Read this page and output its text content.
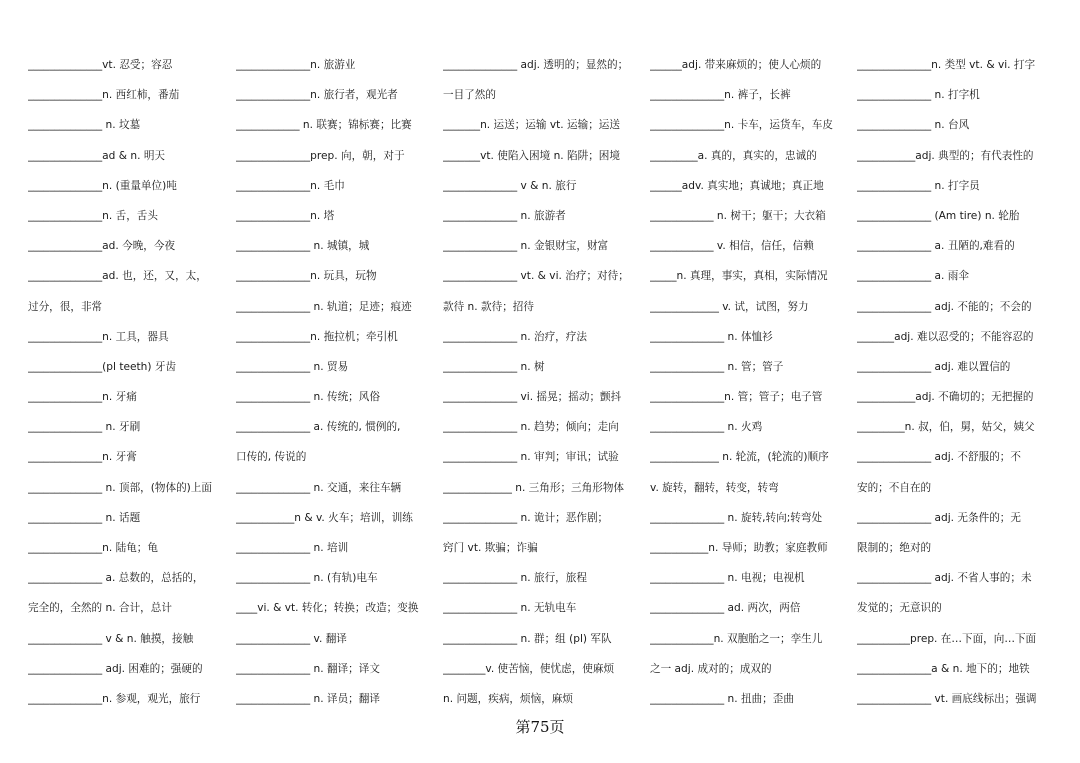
______________vt. 忍受；容忍
______________n. 西红柿，番茄
______________ n. 坟墓
______________ad & n. 明天
______________n. (重量单位)吨
______________n. 舌，舌头
______________ad. 今晚，今夜
______________ad. 也，还，又，太，
过分，很，非常
______________n. 工具，器具
______________(pl teeth) 牙齿
______________n. 牙痛
______________ n. 牙刷
______________n. 牙膏
______________ n. 顶部，(物体的)上面
______________ n. 话题
______________n. 陆龟；龟
______________ a. 总数的，总括的，
完全的，全然的 n. 合计，总计
______________ v & n. 触摸，接触
______________ adj. 困难的；强硬的
______________n. 参观，观光，旅行
______________n. 旅游业
______________n. 旅行者，观光者
____________ n. 联赛；锦标赛；比赛
______________prep. 向，朝，对于
______________n. 毛巾
______________n. 塔
______________ n. 城镇，城
______________n. 玩具，玩物
______________ n. 轨道；足迹；痕迹
______________n. 拖拉机；牵引机
______________ n. 贸易
______________ n. 传统；风俗
______________ a. 传统的, 惯例的,
口传的, 传说的
______________ n. 交通，来往车辆
___________n & v. 火车；培训，训练
______________ n. 培训
______________ n. (有轨)电车
____vi. & vt. 转化；转换；改造；变换
______________ v. 翻译
______________ n. 翻译；译文
______________ n. 译员；翻译
______________ adj. 透明的；显然的；
一目了然的
_______n. 运送；运输 vt. 运输；运送
_______vt. 使陷入困境 n. 陷阱；困境
______________ v & n. 旅行
______________ n. 旅游者
______________ n. 金银财宝，财富
______________ vt. & vi. 治疗；对待；
款待 n. 款待；招待
______________ n. 治疗，疗法
______________ n. 树
______________ vi. 摇晃；摇动；颤抖
______________ n. 趋势；倾向；走向
______________ n. 审判；审讯；试验
_____________ n. 三角形；三角形物体
______________ n. 诡计；恶作剧；
窍门 vt. 欺骗；诈骗
______________ n. 旅行，旅程
______________ n. 无轨电车
______________ n. 群；组 (pl) 军队
________v. 使苦恼，使忧虑，使麻烦
n. 问题，疾病，烦恼，麻烦
______adj. 带来麻烦的；使人心烦的
______________n. 裤子，长裤
______________n. 卡车，运货车，车皮
_________a. 真的，真实的，忠诚的
______adv. 真实地；真诚地；真正地
____________ n. 树干；躯干；大衣箱
____________ v. 相信，信任，信赖
_____n. 真理，事实，真相，实际情况
_____________ v. 试，试图，努力
______________ n. 体恤衫
______________ n. 管；管子
______________n. 管；管子；电子管
______________ n. 火鸡
_____________ n. 轮流，(轮流的)顺序
v. 旋转，翻转，转变，转弯
______________ n. 旋转,转向;转弯处
___________n. 导师；助教；家庭教师
______________ n. 电视；电视机
______________ ad. 两次，两倍
____________n. 双胞胎之一；孪生儿
之一 adj. 成对的；成双的
______________ n. 扭曲；歪曲
______________n. 类型 vt. & vi. 打字
______________ n. 打字机
______________ n. 台风
___________adj. 典型的；有代表性的
______________ n. 打字员
______________ (Am tire) n. 轮胎
______________ a. 丑陋的,难看的
______________ a. 雨伞
______________ adj. 不能的；不会的
_______adj. 难以忍受的；不能容忍的
______________ adj. 难以置信的
___________adj. 不确切的；无把握的
_________n. 叔，伯，舅，姑父，姨父
______________ adj. 不舒服的；不
安的；不自在的
______________ adj. 无条件的；无
限制的；绝对的
______________ adj. 不省人事的；未
发觉的；无意识的
__________prep. 在…下面，向…下面
______________a & n. 地下的；地铁
______________ vt. 画底线标出；强调
第75页
